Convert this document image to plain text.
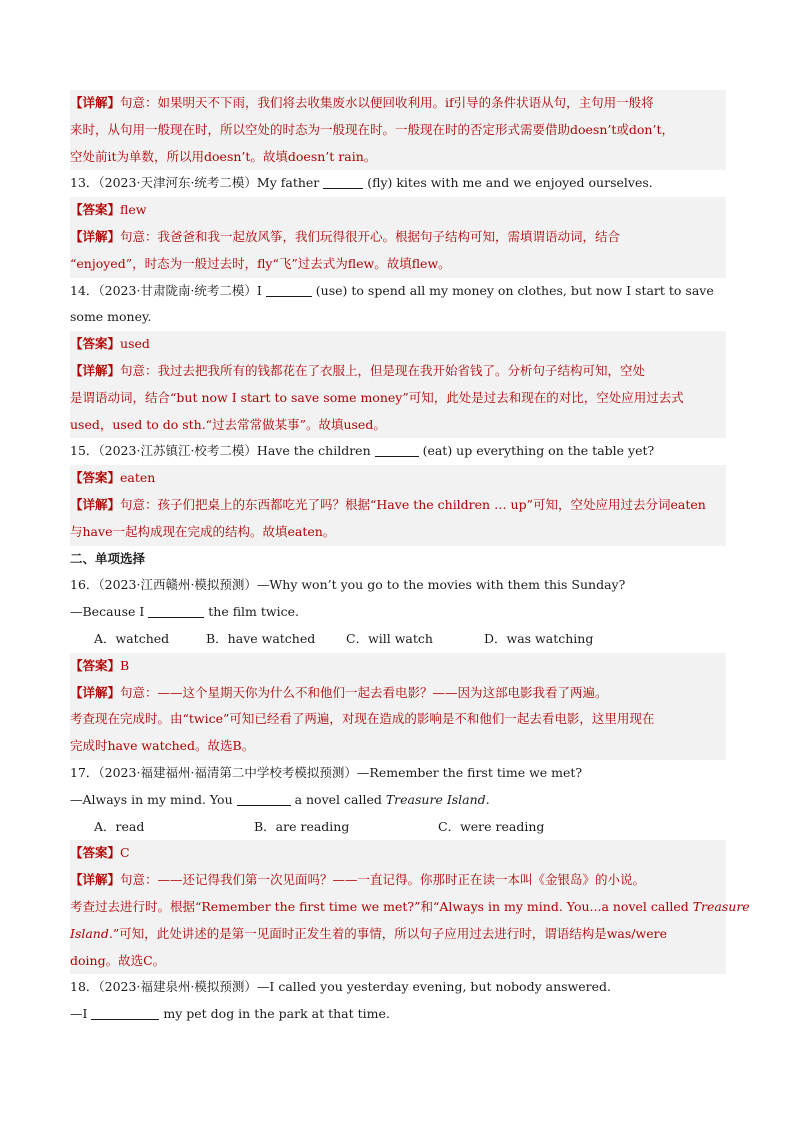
【详解】句意：如果明天不下雨，我们将去收集废水以便回收利用。if引导的条件状语从句，主句用一般将
来时，从句用一般现在时，所以空处的时态为一般现在时。一般现在时的否定形式需要借助doesn’t或don’t，
空处前it为单数，所以用doesn’t。故填doesn’t rain。
13．（2023·天津河东·统考二模）My father	(fly) kites with me and we enjoyed ourselves.
【答案】flew
【详解】句意：我爸爸和我一起放风筝，我们玩得很开心。根据句子结构可知，需填谓语动词，结合
“enjoyed”，时态为一般过去时，fly“飞”过去式为flew。故填flew。
14．（2023·甘肃陇南·统考二模）I	(use) to spend all my money on clothes, but now I start to save
some money.
【答案】used
【详解】句意：我过去把我所有的钱都花在了衣服上，但是现在我开始省钱了。分析句子结构可知，空处
是谓语动词，结合“but now I start to save some money”可知，此处是过去和现在的对比，空处应用过去式
used，used to do sth.“过去常常做某事”。故填used。
15．（2023·江苏镇江·校考二模）Have the children	(eat) up everything on the table yet?
【答案】eaten
【详解】句意：孩子们把桌上的东西都吃光了吗？根据“Have the children … up”可知，空处应用过去分词eaten
与have一起构成现在完成的结构。故填eaten。
二、单项选择
16．（2023·江西赣州·模拟预测）—Why won’t you go to the movies with them this Sunday?
—Because I	the film twice.
A．watched	B．have watched	C．will watch	D．was watching
【答案】B
【详解】句意：——这个星期天你为什么不和他们一起去看电影？——因为这部电影我看了两遍。
考查现在完成时。由“twice”可知已经看了两遍，对现在造成的影响是不和他们一起去看电影，这里用现在
完成时have watched。故选B。
17．（2023·福建福州·福清第二中学校考模拟预测）—Remember the first time we met?
—Always in my mind. You	a novel called Treasure Island.
A．read	B．are reading	C．were reading
【答案】C
【详解】句意：——还记得我们第一次见面吗？——一直记得。你那时正在读一本叫《金银岛》的小说。
考查过去进行时。根据“Remember the first time we met?”和“Always in my mind. You...a novel called Treasure
Island.”可知，此处讲述的是第一见面时正发生着的事情，所以句子应用过去进行时，谓语结构是was/were
doing。故选C。
18．（2023·福建泉州·模拟预测）—I called you yesterday evening, but nobody answered.
—I	my pet dog in the park at that time.
